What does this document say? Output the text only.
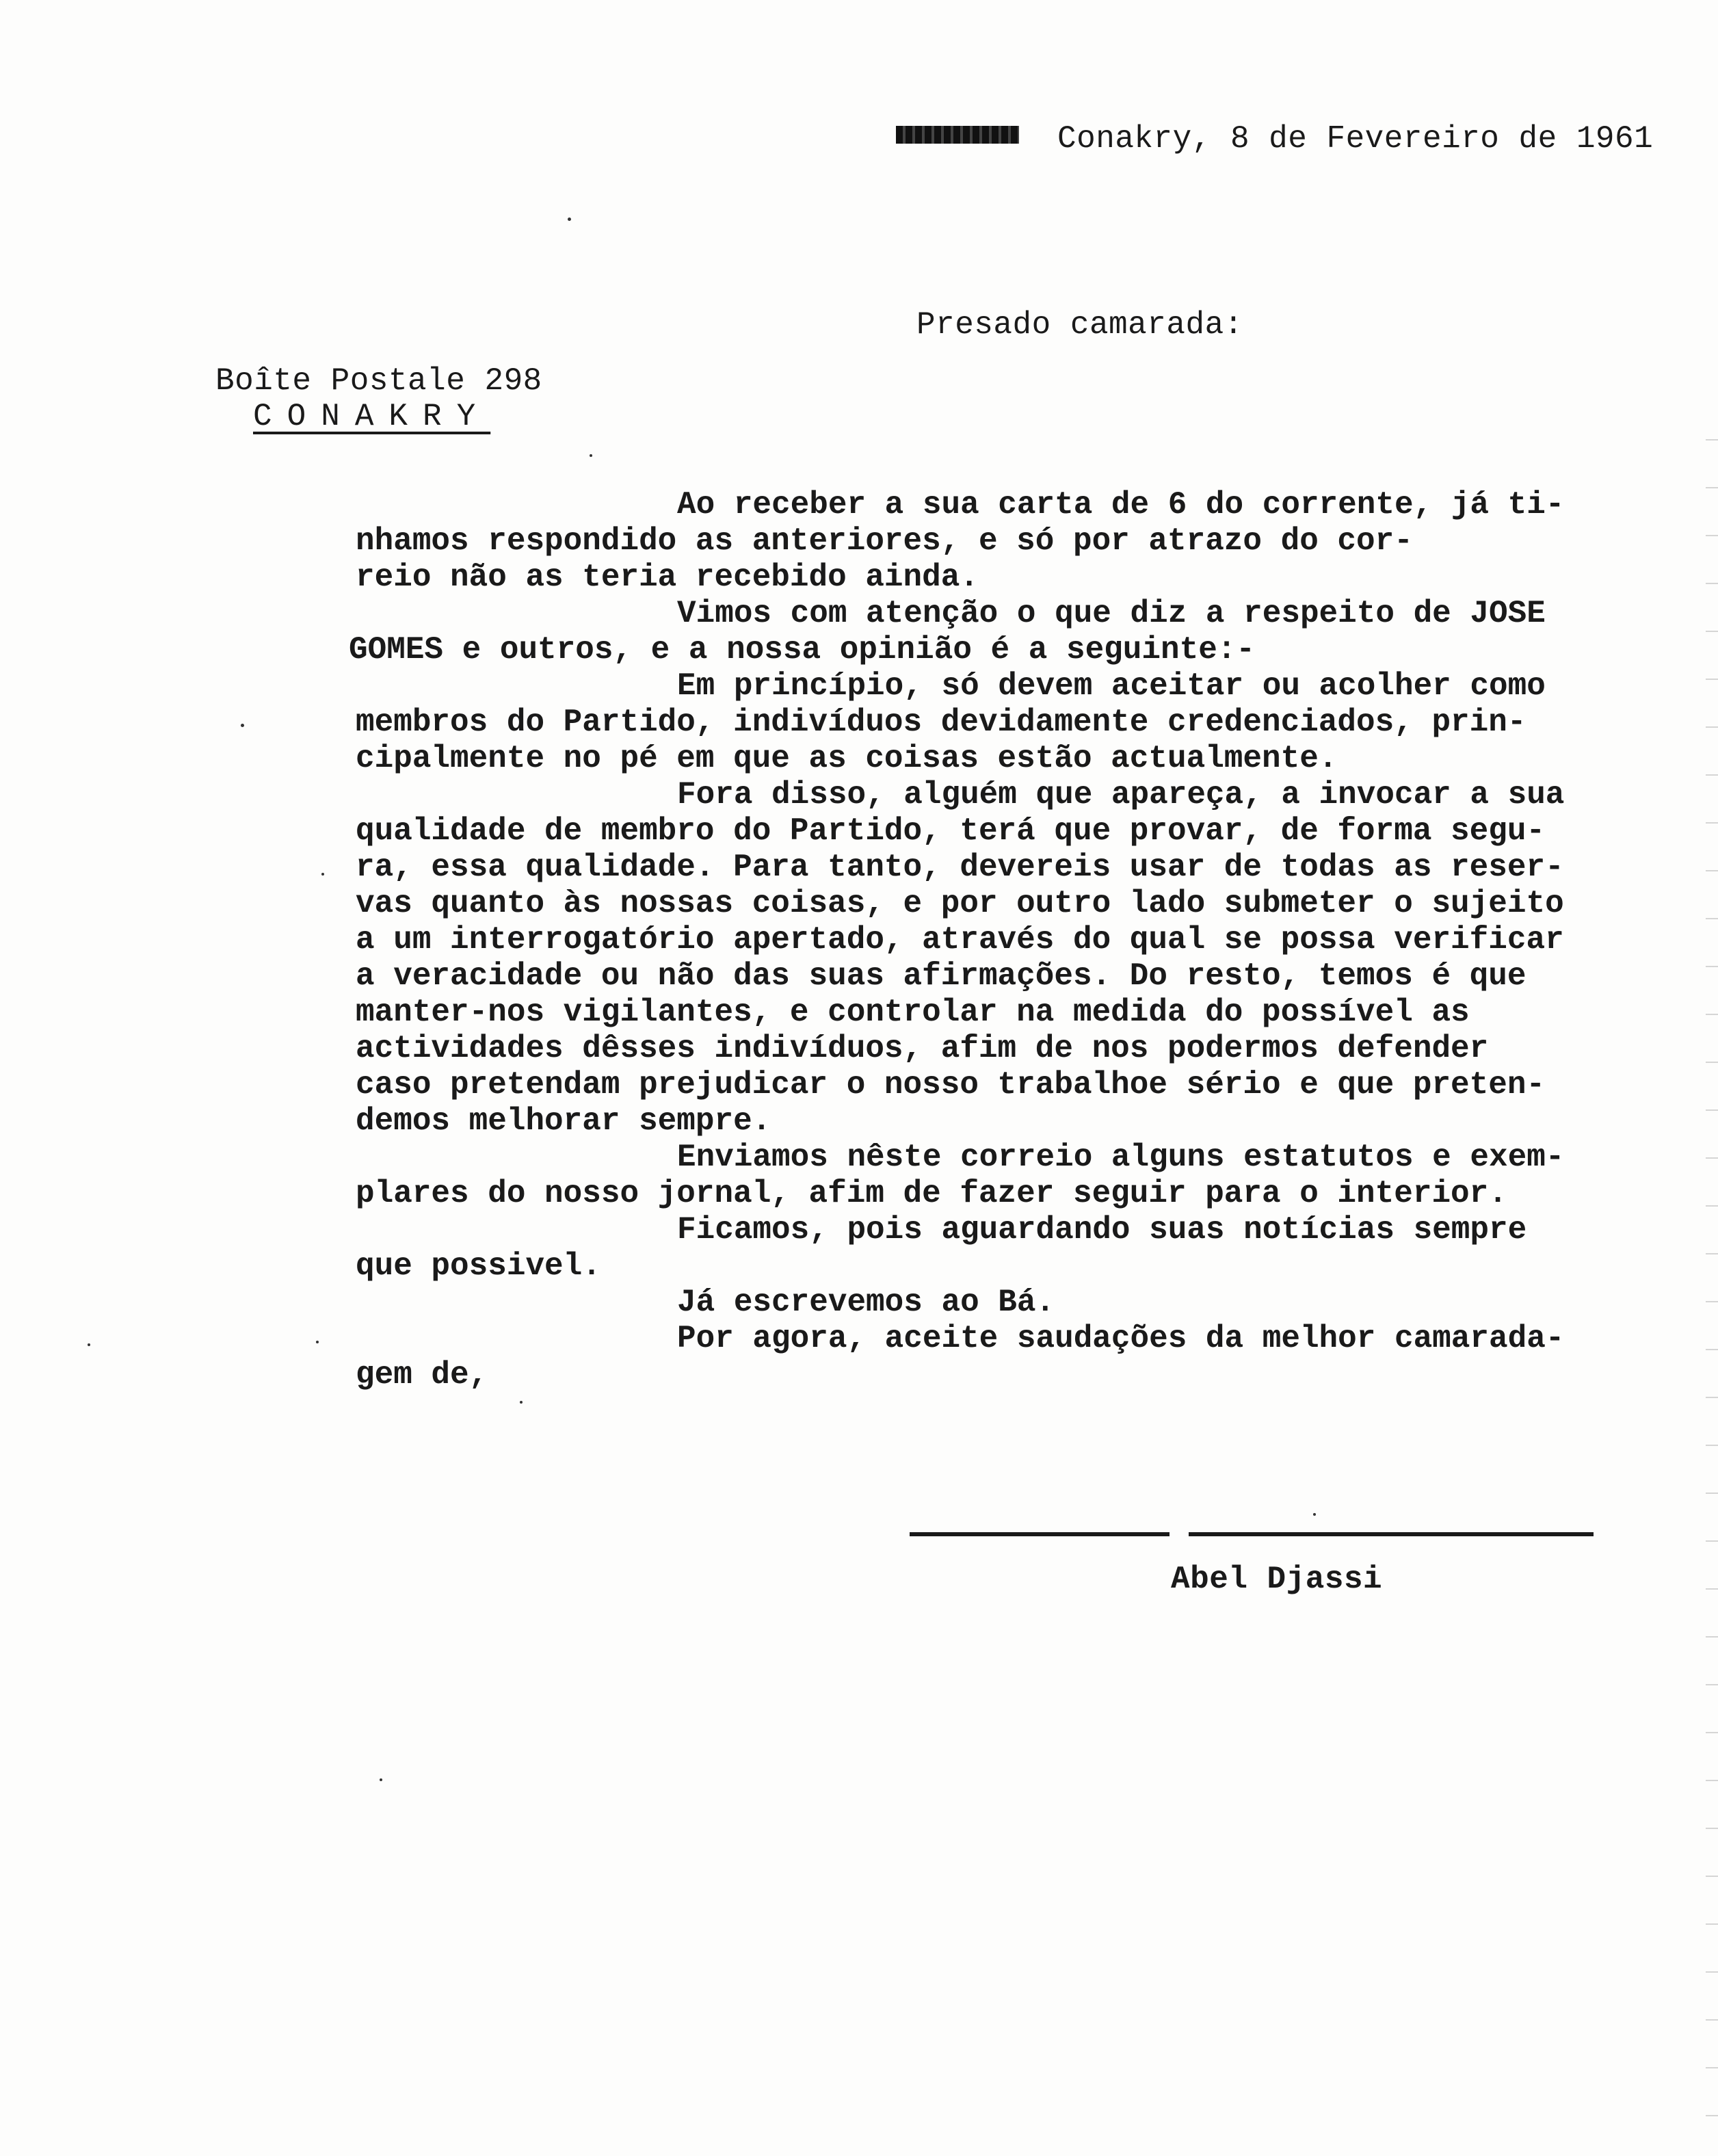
Conakry, 8 de Fevereiro de 1961
Presado camarada:
Boîte Postale 298
CONAKRY
Ao receber a sua carta de 6 do corrente, já ti-
nhamos respondido as anteriores, e só por atrazo do cor-
reio não as teria recebido ainda.
Vimos com atenção o que diz a respeito de JOSE
GOMES e outros, e a nossa opinião é a seguinte:-
Em princípio, só devem aceitar ou acolher como
membros do Partido, indivíduos devidamente credenciados, prin-
cipalmente no pé em que as coisas estão actualmente.
Fora disso, alguém que apareça, a invocar a sua
qualidade de membro do Partido, terá que provar, de forma segu-
ra, essa qualidade. Para tanto, devereis usar de todas as reser-
vas quanto às nossas coisas, e por outro lado submeter o sujeito
a um interrogatório apertado, através do qual se possa verificar
a veracidade ou não das suas afirmações. Do resto, temos é que
manter-nos vigilantes, e controlar na medida do possível as
actividades dêsses indivíduos, afim de nos podermos defender
caso pretendam prejudicar o nosso trabalhoe sério e que preten-
demos melhorar sempre.
Enviamos nêste correio alguns estatutos e exem-
plares do nosso jornal, afim de fazer seguir para o interior.
Ficamos, pois aguardando suas notícias sempre
que possivel.
Já escrevemos ao Bá.
Por agora, aceite saudações da melhor camarada-
gem de,
Abel Djassi
